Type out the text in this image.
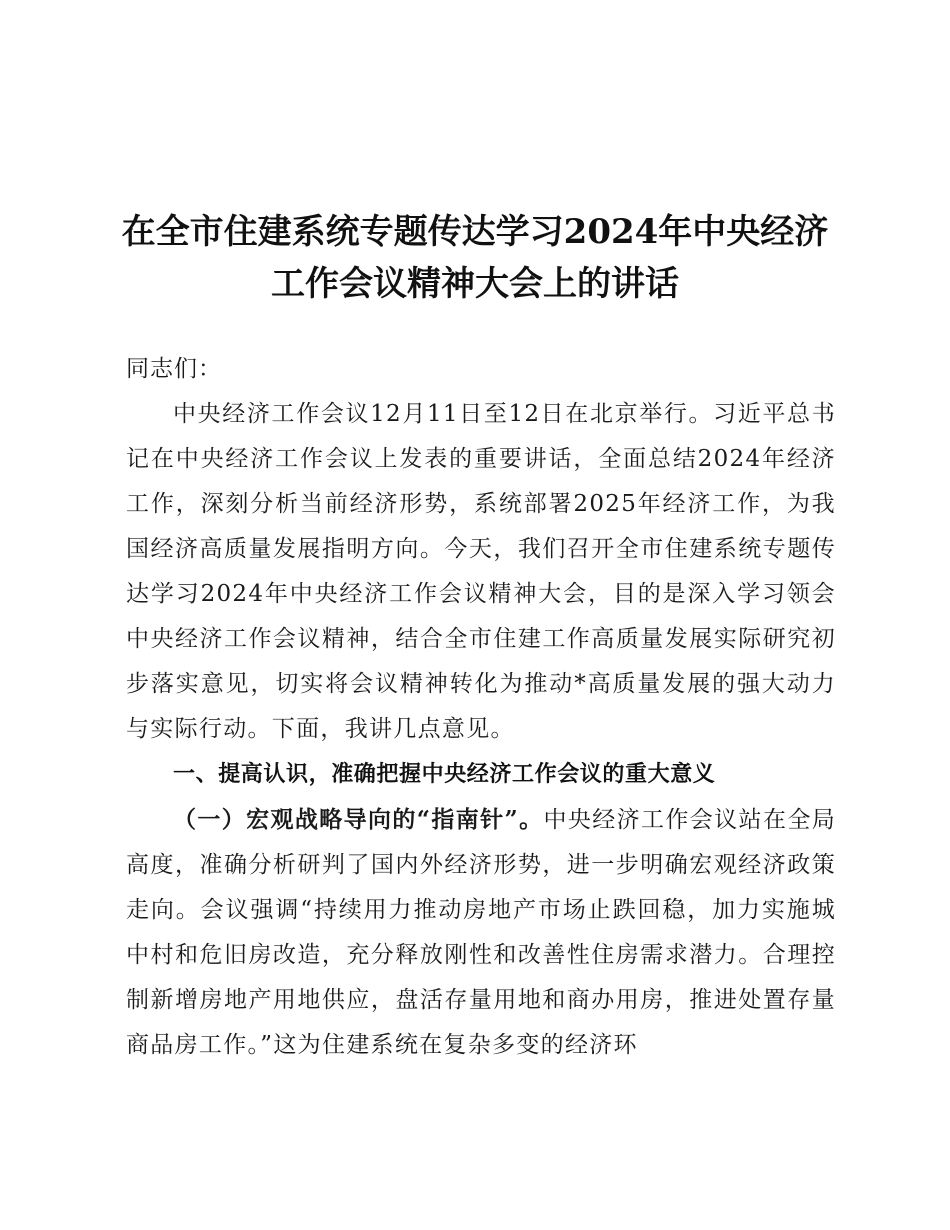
在全市住建系统专题传达学习2024年中央经济
工作会议精神大会上的讲话

同志们：

中央经济工作会议12月11日至12日在北京举行。习近平总书记在中央经济工作会议上发表的重要讲话，全面总结2024年经济工作，深刻分析当前经济形势，系统部署2025年经济工作，为我国经济高质量发展指明方向。今天，我们召开全市住建系统专题传达学习2024年中央经济工作会议精神大会，目的是深入学习领会中央经济工作会议精神，结合全市住建工作高质量发展实际研究初步落实意见，切实将会议精神转化为推动*高质量发展的强大动力与实际行动。下面，我讲几点意见。

一、提高认识，准确把握中央经济工作会议的重大意义

（一）宏观战略导向的“指南针”。中央经济工作会议站在全局高度，准确分析研判了国内外经济形势，进一步明确宏观经济政策走向。会议强调“持续用力推动房地产市场止跌回稳，加力实施城中村和危旧房改造，充分释放刚性和改善性住房需求潜力。合理控制新增房地产用地供应，盘活存量用地和商办用房，推进处置存量商品房工作。”这为住建系统在复杂多变的经济环
